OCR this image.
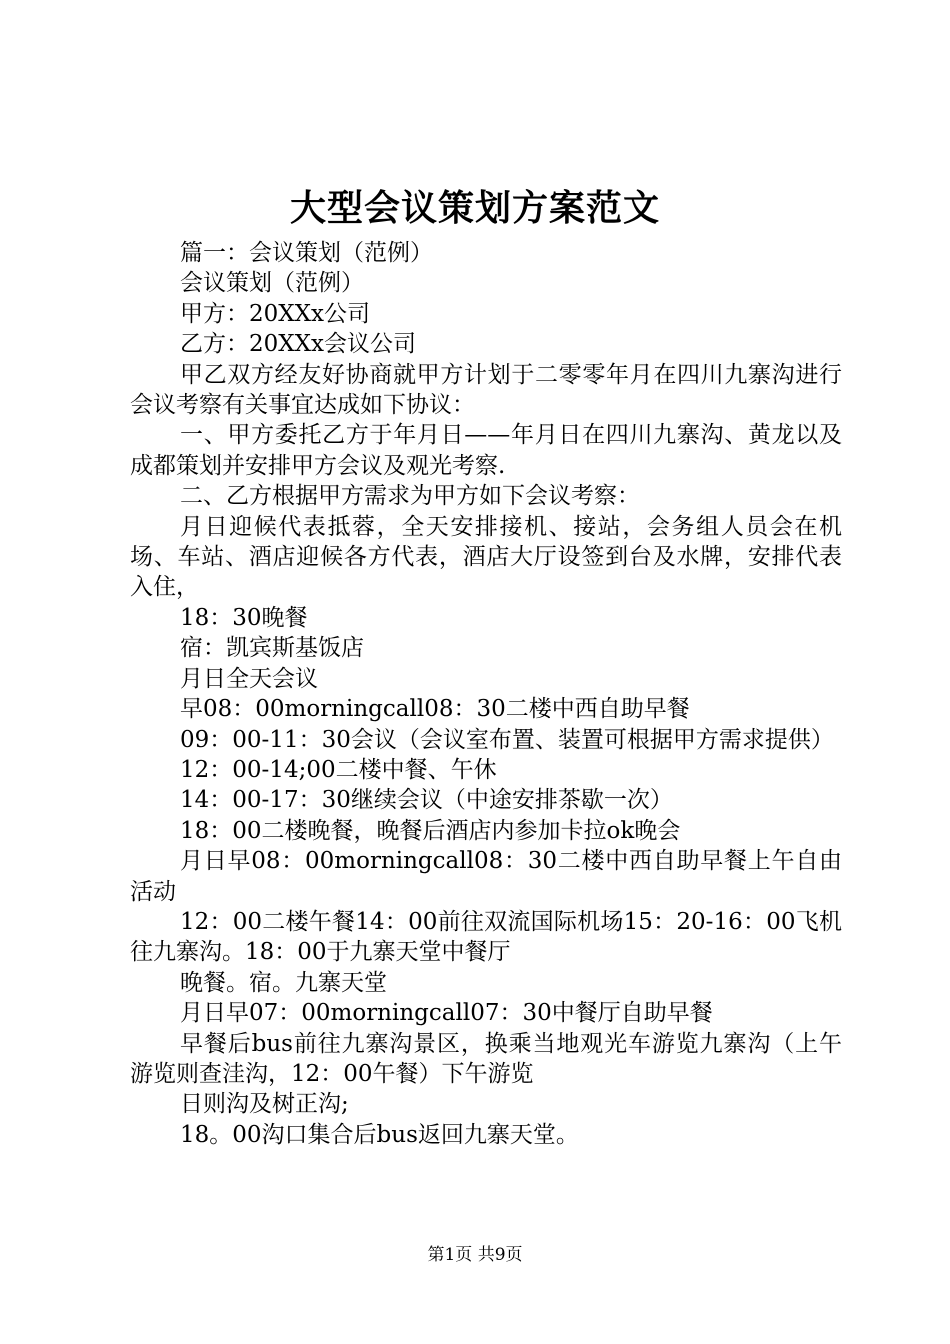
大型会议策划方案范文

篇一：会议策划（范例）

会议策划（范例）

甲方：20XXx公司

乙方：20XXx会议公司

甲乙双方经友好协商就甲方计划于二零零年月在四川九寨沟进行会议考察有关事宜达成如下协议：

一、甲方委托乙方于年月日——年月日在四川九寨沟、黄龙以及成都策划并安排甲方会议及观光考察.

二、乙方根据甲方需求为甲方如下会议考察：

月日迎候代表抵蓉，全天安排接机、接站，会务组人员会在机场、车站、酒店迎候各方代表，酒店大厅设签到台及水牌，安排代表入住，

18：30晚餐

宿：凯宾斯基饭店

月日全天会议

早08：00morningcall08：30二楼中西自助早餐

09：00-11：30会议（会议室布置、装置可根据甲方需求提供）

12：00-14;00二楼中餐、午休

14：00-17：30继续会议（中途安排茶歇一次）

18：00二楼晚餐，晚餐后酒店内参加卡拉ok晚会

月日早08：00morningcall08：30二楼中西自助早餐上午自由活动

12：00二楼午餐14：00前往双流国际机场15：20-16：00飞机往九寨沟。18：00于九寨天堂中餐厅

晚餐。宿。九寨天堂

月日早07：00morningcall07：30中餐厅自助早餐

早餐后bus前往九寨沟景区，换乘当地观光车游览九寨沟（上午游览则查洼沟，12：00午餐）下午游览

日则沟及树正沟;

18。00沟口集合后bus返回九寨天堂。

第1页 共9页
